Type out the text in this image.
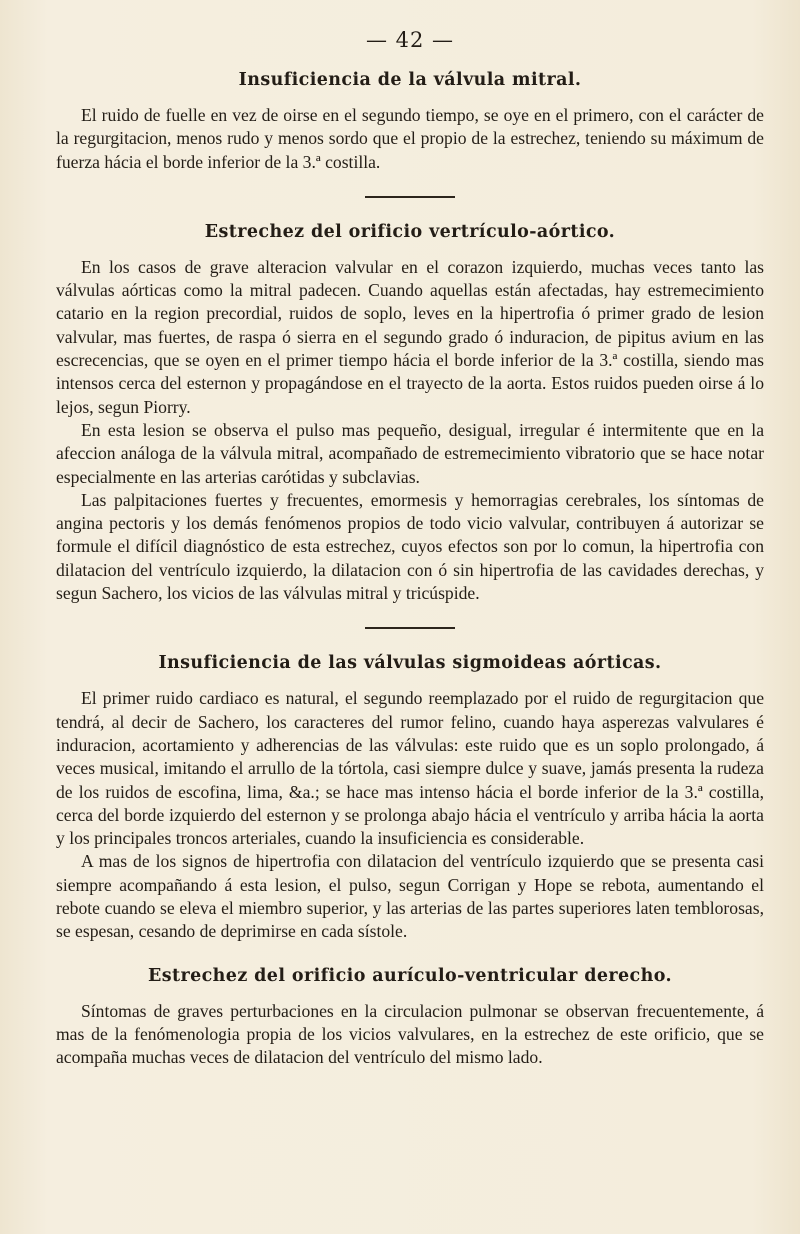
— 42 —
Insuficiencia de la válvula mitral.

El ruido de fuelle en vez de oirse en el segundo tiempo, se oye en el primero, con el carácter de la regurgitacion, menos rudo y menos sordo que el propio de la estrechez, teniendo su máximum de fuerza hácia el borde inferior de la 3.ª costilla.

Estrechez del orificio vertrículo-aórtico.

En los casos de grave alteracion valvular en el corazon izquierdo, muchas veces tanto las válvulas aórticas como la mitral padecen. Cuando aquellas están afectadas, hay estremecimiento catario en la region precordial, ruidos de soplo, leves en la hipertrofia ó primer grado de lesion valvular, mas fuertes, de raspa ó sierra en el segundo grado ó induracion, de pipitus avium en las escrecencias, que se oyen en el primer tiempo hácia el borde inferior de la 3.ª costilla, siendo mas intensos cerca del esternon y propagándose en el trayecto de la aorta. Estos ruidos pueden oirse á lo lejos, segun Piorry.

En esta lesion se observa el pulso mas pequeño, desigual, irregular é intermitente que en la afeccion análoga de la válvula mitral, acompañado de estremecimiento vibratorio que se hace notar especialmente en las arterias carótidas y subclavias.

Las palpitaciones fuertes y frecuentes, emormesis y hemorragias cerebrales, los síntomas de angina pectoris y los demás fenómenos propios de todo vicio valvular, contribuyen á autorizar se formule el difícil diagnóstico de esta estrechez, cuyos efectos son por lo comun, la hipertrofia con dilatacion del ventrículo izquierdo, la dilatacion con ó sin hipertrofia de las cavidades derechas, y segun Sachero, los vicios de las válvulas mitral y tricúspide.

Insuficiencia de las válvulas sigmoideas aórticas.

El primer ruido cardiaco es natural, el segundo reemplazado por el ruido de regurgitacion que tendrá, al decir de Sachero, los caracteres del rumor felino, cuando haya asperezas valvulares é induracion, acortamiento y adherencias de las válvulas: este ruido que es un soplo prolongado, á veces musical, imitando el arrullo de la tórtola, casi siempre dulce y suave, jamás presenta la rudeza de los ruidos de escofina, lima, &a.; se hace mas intenso hácia el borde inferior de la 3.ª costilla, cerca del borde izquierdo del esternon y se prolonga abajo hácia el ventrículo y arriba hácia la aorta y los principales troncos arteriales, cuando la insuficiencia es considerable.

A mas de los signos de hipertrofia con dilatacion del ventrículo izquierdo que se presenta casi siempre acompañando á esta lesion, el pulso, segun Corrigan y Hope se rebota, aumentando el rebote cuando se eleva el miembro superior, y las arterias de las partes superiores laten temblorosas, se espesan, cesando de deprimirse en cada sístole.

Estrechez del orificio aurículo-ventricular derecho.

Síntomas de graves perturbaciones en la circulacion pulmonar se observan frecuentemente, á mas de la fenómenologia propia de los vicios valvulares, en la estrechez de este orificio, que se acompaña muchas veces de dilatacion del ventrículo del mismo lado.
